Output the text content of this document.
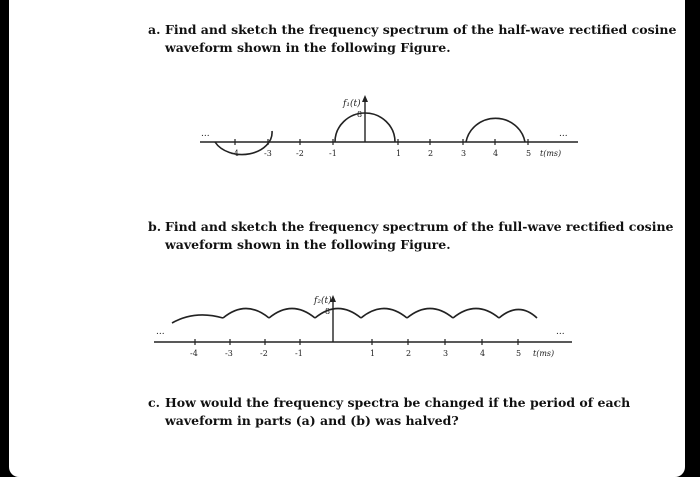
a. Find and sketch the frequency spectrum of the half-wave rectified cosine
waveform shown in the following Figure.
b. Find and sketch the frequency spectrum of the full-wave rectified cosine
waveform shown in the following Figure.
c. How would the frequency spectra be changed if the period of each
waveform in parts (a) and (b) was halved?
f₁(t)
8
...	...
-4	-3	-2	-1	1	2	3	4	5 t(ms)
f₂(t)
8
...	...
-4	-3	-2	-1	1	2	3	4	5 t(ms)
